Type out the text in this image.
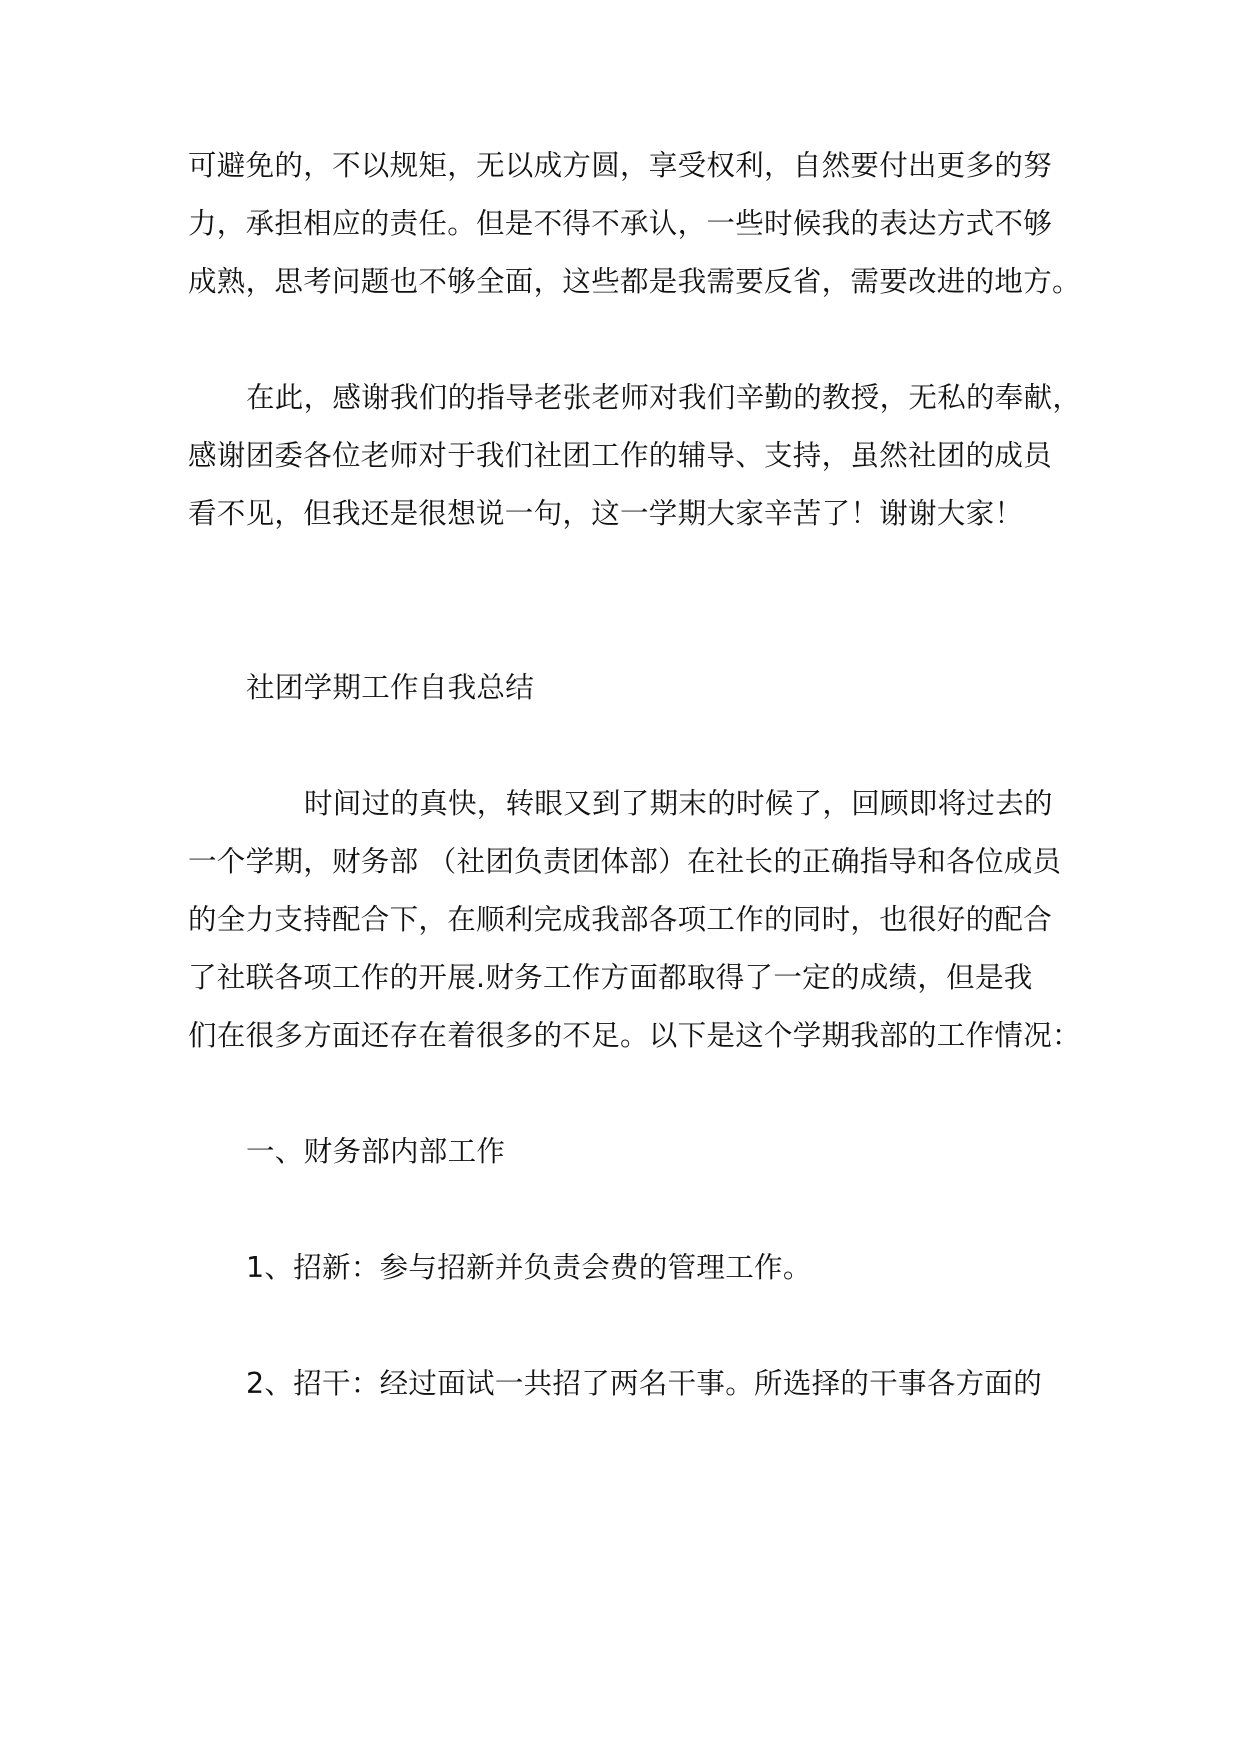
可避免的，不以规矩，无以成方圆，享受权利，自然要付出更多的努
力，承担相应的责任。但是不得不承认，一些时候我的表达方式不够
成熟，思考问题也不够全面，这些都是我需要反省，需要改进的地方。
在此，感谢我们的指导老张老师对我们辛勤的教授，无私的奉献，
感谢团委各位老师对于我们社团工作的辅导、支持，虽然社团的成员
看不见，但我还是很想说一句，这一学期大家辛苦了！谢谢大家！
社团学期工作自我总结
时间过的真快，转眼又到了期末的时候了，回顾即将过去的
一个学期，财务部 （社团负责团体部）在社长的正确指导和各位成员
的全力支持配合下，在顺利完成我部各项工作的同时，也很好的配合
了社联各项工作的开展.财务工作方面都取得了一定的成绩，但是我
们在很多方面还存在着很多的不足。以下是这个学期我部的工作情况：
一、财务部内部工作
1、招新：参与招新并负责会费的管理工作。
2、招干：经过面试一共招了两名干事。所选择的干事各方面的
